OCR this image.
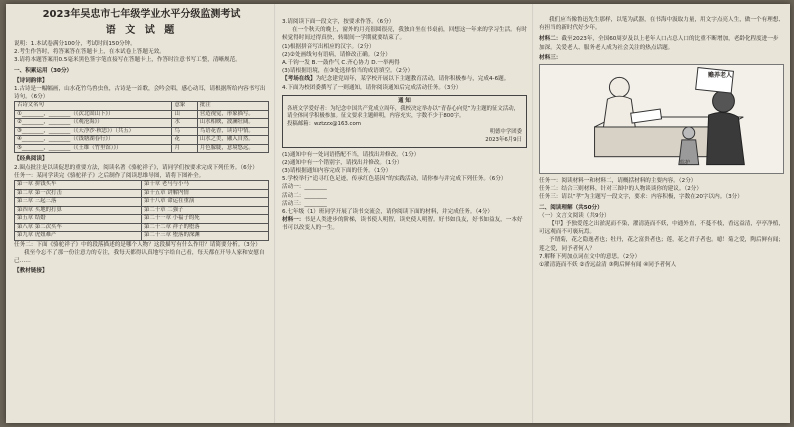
2023年吴忠市七年级学业水平分级监测考试
语 文 试 题
说明：1.本试卷满分100分，考试时间150分钟。
2.考生作答时，将答案答在答题卡上，在本试卷上答题无效。
3.请将本题答案用0.5毫米黑色签字笔直接写在答题卡上，作答时注意书写工整，清晰规范。
一、积累运用（30分）
【诗词韵律】
1.古诗是一幅幅画，山水花竹鸟兽虫鱼，古诗是一首歌，会吟会唱，感心动耳，请根据所给内容书写出诗句。（6分）
古诗文名句	意象	批注
①________，________（《次北固山下》）	山	营造视觉，形象描写。
②________，________（《观沧海》）	水	山水相映，波澜壮阔。
③________，________（《天净沙·秋思》）（共五）	鸟	鸟语花香，读诗中情。
④________，________（《钱塘湖春行》）	花	山水之美，融入自然。
⑤________，________（《王维（竹里馆）》）	月	月色朦胧，意境悠远。
【经典阅读】
2.圈点批注是以读促思的重要方法，阅读名著《骆驼祥子》，请同学们按要求完成下列任务。（6分）
任务一：某同学读完《骆驼祥子》之后制作了阅读思维导图，请将下图补全。
第一章 拼钱买车	第十章 老马与小马
第二章 第一次打击	第十五章 讲解内情
第三章 三起三落	第十八章 命运在重演
第四章 买地的打算	第二十章 二强子
第五章 结婚	第二十一章 小福子的死
第八章 第二次买车	第二十二章 祥子的堕落
第九章 虎妞难产	第二十三章 堕落的深渊
任务二：下面《骆驼祥子》中的段落描述的是哪个人物？这段描写有什么作用？请简要分析。（3分）
我至今忘不了那一份注意力的专注，我每天都得认真地写字给自己看，每天都在开导人家和安慰自己……
【教材链接】
3.请阅读下面一段文字，按要求作答。（6分）
在一个秋天的晚上，窗外的月亮很圆很亮，我独自坐在书桌前，回想这一年来的学习生活。有时候觉得时间过得真快，转眼间一学期就要结束了。
(1)根据拼音写出相应的汉字。（2分）
(2)②处画线句有语病，请修改正确。（2分）
A.千钧一发 B.一鼓作气 C.齐心协力 D.一举两得
(3)请根据语境，在③处选择恰当的成语填空。（2分）
【考场在线】为纪念建党周年，某学校开展以下主题教育活动，请你积极参与，完成4-6题。
4.下面为校团委撰写了一则通知，请你阅读通知后完成活动任务。（3分）
通 知
各班文学爱好者：为纪念中国共产党成立周年，我校决定举办以“青春心向党”为主题的征文活动，请全体同学积极参加。征文要求主题鲜明，内容充实，字数不少于800字。
投稿邮箱：wztzzx@163.com
明德中学团委
2023年6月9日
(1)通知中有一处词语搭配不当，请找出并修改。（1分）
(2)通知中有一个错别字，请找出并修改。（1分）
(3)请根据通知内容完成下面的任务。（1分）
5.学校举行“追寻红色足迹，传承红色基因”的实践活动，请你参与并完成下列任务。（6分）
活动一：________
活动二：________
活动三：________
6.七年级（1）班同学开展了读书交流会，请你阅读下面的材料，并完成任务。（4分）
材料一：书是人类进步的阶梯，读书使人明智，读史使人明智。好书如良友，好书如益友，一本好书可以改变人的一生。
我们应当像鲁迅先生那样，以笔为武器，在书海中汲取力量，用文字点亮人生，做一个有理想、有担当的新时代好少年。
材料二：截至2023年，全国60周岁及以上老年人口占总人口的比重不断增加，老龄化程度进一步加深。关爱老人、服务老人成为社会关注的热点话题。
材料三：
赡养老人
监护
任务一：阅读材料一和材料二，请概括材料的主要内容。（2分）
任务二：结合三则材料，针对三图中的人物谈谈你的建议。（2分）
任务三：请以“孝”为主题写一段文字，要求：内容积极，字数在20字以内。（3分）
二、阅读理解（共50分）
（一）文言文阅读（共9分）
【甲】予独爱莲之出淤泥而不染，濯清涟而不妖，中通外直，不蔓不枝，香远益清，亭亭净植，可远观而不可亵玩焉。
予谓菊，花之隐逸者也；牡丹，花之富贵者也；莲，花之君子者也。噫！菊之爱，陶后鲜有闻；莲之爱，同予者何人？
7.解释下列加点词在文中的意思。（2分）
①濯清涟而不妖 ②香远益清 ③陶后鲜有闻 ④同予者何人
